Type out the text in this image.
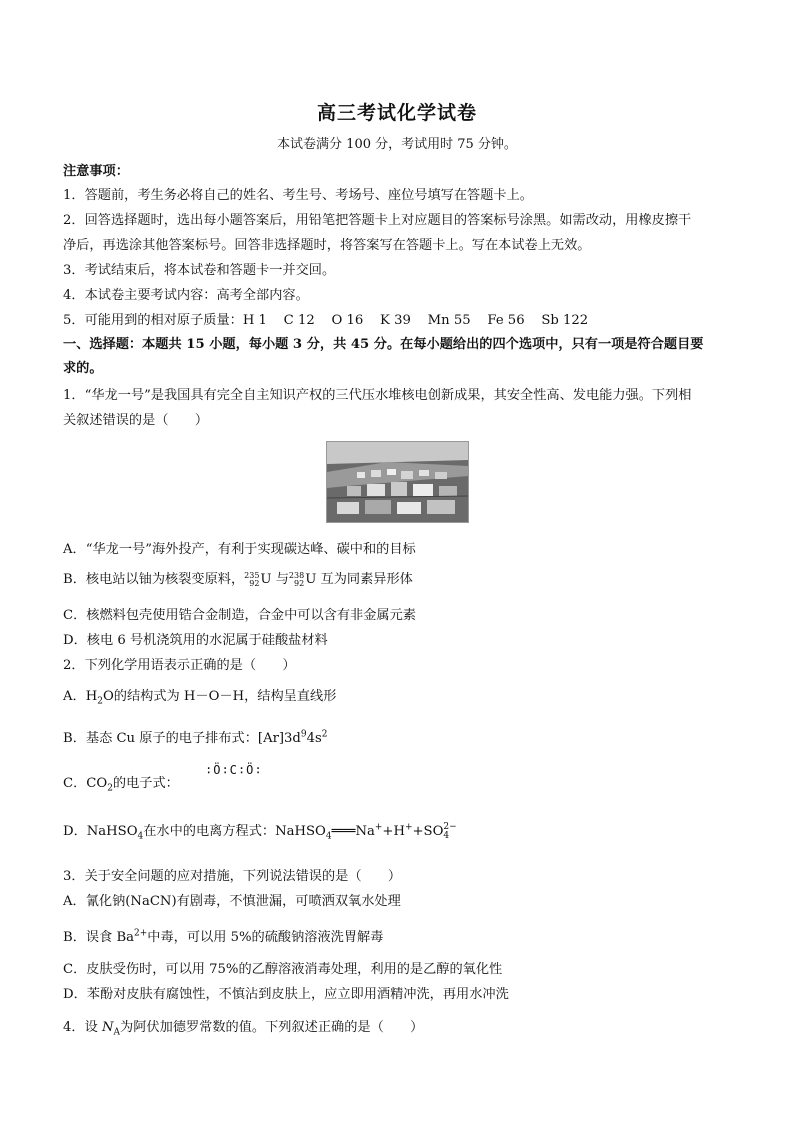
高三考试化学试卷
本试卷满分 100 分，考试用时 75 分钟。
注意事项：
1．答题前，考生务必将自己的姓名、考生号、考场号、座位号填写在答题卡上。
2．回答选择题时，选出每小题答案后，用铅笔把答题卡上对应题目的答案标号涂黑。如需改动，用橡皮擦干
净后，再选涂其他答案标号。回答非选择题时，将答案写在答题卡上。写在本试卷上无效。
3．考试结束后，将本试卷和答题卡一并交回。
4．本试卷主要考试内容：高考全部内容。
5．可能用到的相对原子质量：H 1    C 12    O 16    K 39    Mn 55    Fe 56    Sb 122
一、选择题：本题共 15 小题，每小题 3 分，共 45 分。在每小题给出的四个选项中，只有一项是符合题目要
求的。
1．“华龙一号”是我国具有完全自主知识产权的三代压水堆核电创新成果，其安全性高、发电能力强。下列相
关叙述错误的是（　　）
A．“华龙一号”海外投产，有利于实现碳达峰、碳中和的目标
B．核电站以铀为核裂变原料，235
92U 与238
92U 互为同素异形体
C．核燃料包壳使用锆合金制造，合金中可以含有非金属元素
D．核电 6 号机浇筑用的水泥属于硅酸盐材料
2．下列化学用语表示正确的是（　　）
A．$H_2O$的结构式为 H－O－H，结构呈直线形
B．基态 Cu 原子的电子排布式：$[Ar]3d^94s^2$
C．$CO_2$的电子式：
∶Ö∶C∶Ö∶
D．NaHSO$_4$在水中的电离方程式：NaHSO$_4$═══Na++H++SO2−
4
3．关于安全问题的应对措施，下列说法错误的是（　　）
A．氰化钠(NaCN)有剧毒，不慎泄漏，可喷洒双氧水处理
B．误食 $Ba^{2+}$中毒，可以用 5%的硫酸钠溶液洗胃解毒
C．皮肤受伤时，可以用 75%的乙醇溶液消毒处理，利用的是乙醇的氧化性
D．苯酚对皮肤有腐蚀性，不慎沾到皮肤上，应立即用酒精冲洗，再用水冲洗
4．设 $N_A$为阿伏加德罗常数的值。下列叙述正确的是（　　）
